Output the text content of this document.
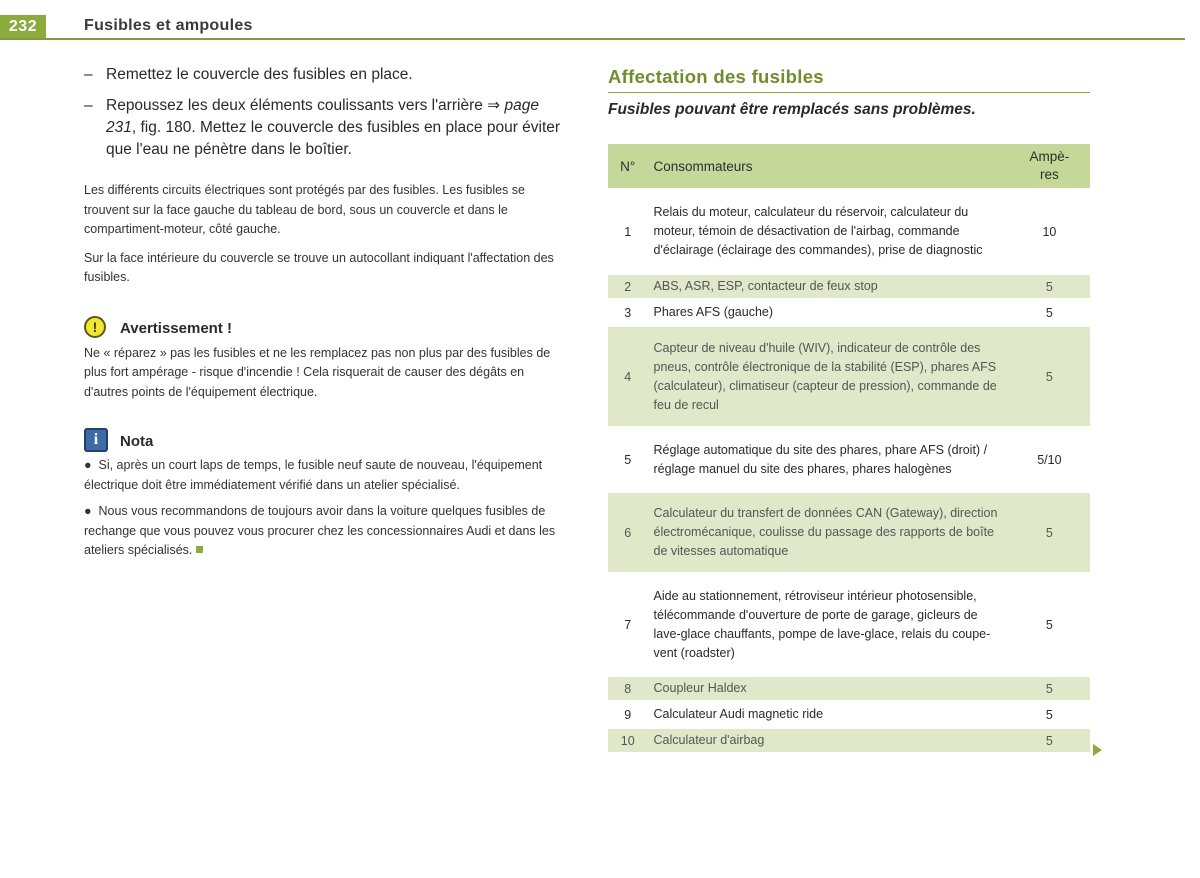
232	Fusibles et ampoules
– Remettez le couvercle des fusibles en place.
– Repoussez les deux éléments coulissants vers l'arrière ⇒ page 231, fig. 180. Mettez le couvercle des fusibles en place pour éviter que l'eau ne pénètre dans le boîtier.

Les différents circuits électriques sont protégés par des fusibles. Les fusibles se trouvent sur la face gauche du tableau de bord, sous un couvercle et dans le compartiment-moteur, côté gauche.

Sur la face intérieure du couvercle se trouve un autocollant indiquant l'affectation des fusibles.

!	Avertissement !
Ne « réparez » pas les fusibles et ne les remplacez pas non plus par des fusibles de plus fort ampérage - risque d'incendie ! Cela risquerait de causer des dégâts en d'autres points de l'équipement électrique.
i	Nota
●  Si, après un court laps de temps, le fusible neuf saute de nouveau, l'équipement électrique doit être immédiatement vérifié dans un atelier spécialisé.
●  Nous vous recommandons de toujours avoir dans la voiture quelques fusibles de rechange que vous pouvez vous procurer chez les concessionnaires Audi et dans les ateliers spécialisés.
Affectation des fusibles
Fusibles pouvant être remplacés sans problèmes.
N°	Consommateurs	Ampè-
res
1	Relais du moteur, calculateur du réservoir, calculateur du moteur, témoin de désactivation de l'airbag, commande d'éclairage (éclairage des commandes), prise de diagnostic	10
2	ABS, ASR, ESP, contacteur de feux stop	5
3	Phares AFS (gauche)	5
4	Capteur de niveau d'huile (WIV), indicateur de contrôle des pneus, contrôle électronique de la stabilité (ESP), phares AFS (calculateur), climatiseur (capteur de pression), commande de feu de recul	5
5	Réglage automatique du site des phares, phare AFS (droit) / réglage manuel du site des phares, phares halogènes	5/10
6	Calculateur du transfert de données CAN (Gateway), direction électromécanique, coulisse du passage des rapports de boîte de vitesses automatique	5
7	Aide au stationnement, rétroviseur intérieur photosensible, télécommande d'ouverture de porte de garage, gicleurs de lave-glace chauffants, pompe de lave-glace, relais du coupe-vent (roadster)	5
8	Coupleur Haldex	5
9	Calculateur Audi magnetic ride	5
10	Calculateur d'airbag	5
